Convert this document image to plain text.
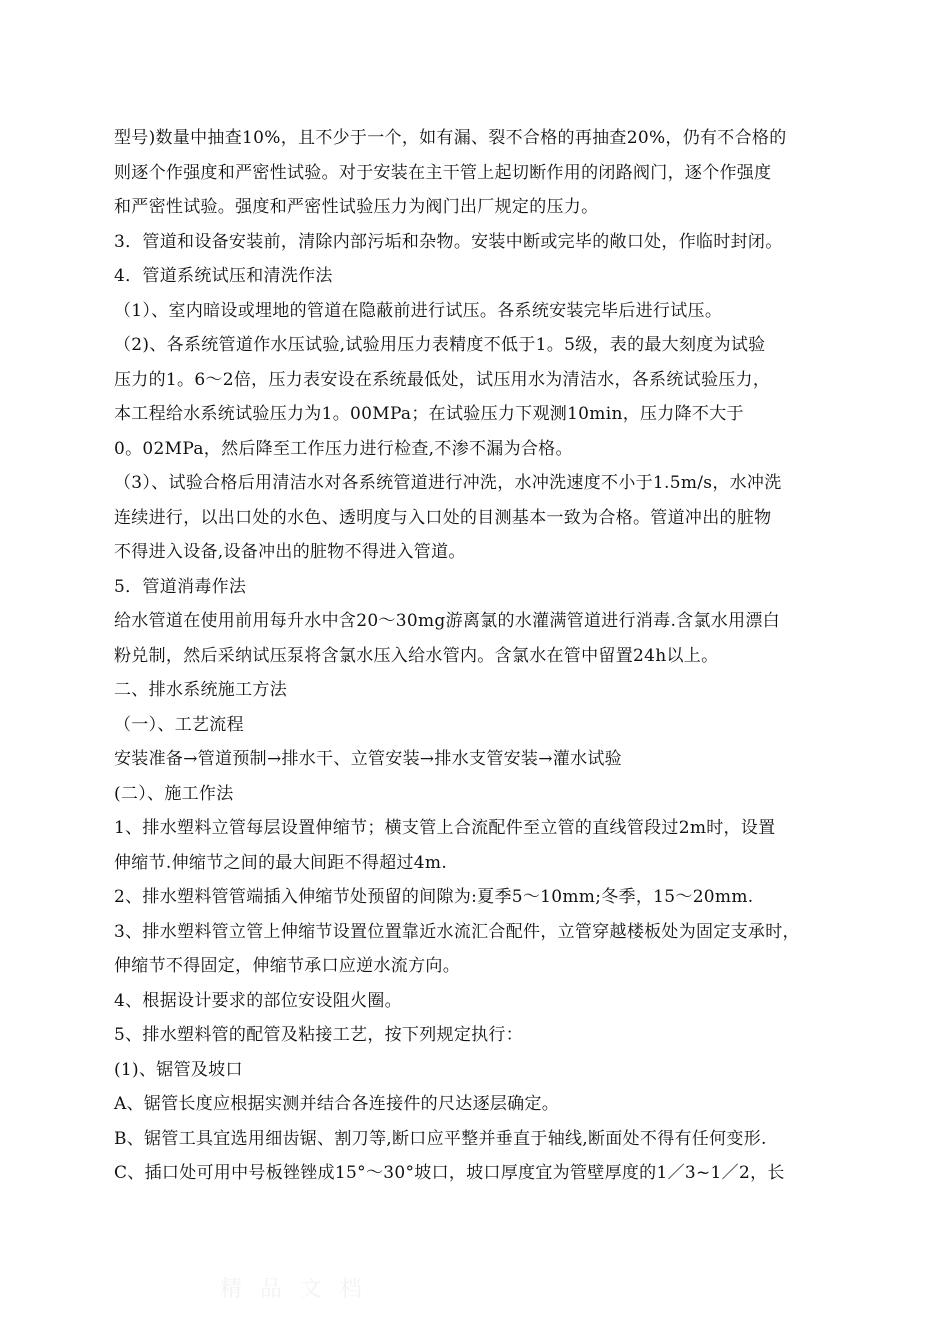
型号)数量中抽查10%，且不少于一个，如有漏、裂不合格的再抽查20%，仍有不合格的
则逐个作强度和严密性试验。对于安装在主干管上起切断作用的闭路阀门，逐个作强度
和严密性试验。强度和严密性试验压力为阀门出厂规定的压力。
3．管道和设备安装前，清除内部污垢和杂物。安装中断或完毕的敞口处，作临时封闭。
4．管道系统试压和清洗作法
（1）、室内暗设或埋地的管道在隐蔽前进行试压。各系统安装完毕后进行试压。
（2)、各系统管道作水压试验,试验用压力表精度不低于1。5级，表的最大刻度为试验
压力的1。6～2倍，压力表安设在系统最低处，试压用水为清洁水，各系统试验压力，
本工程给水系统试验压力为1。00MPa；在试验压力下观测10min，压力降不大于
0。02MPa，然后降至工作压力进行检查,不渗不漏为合格。
（3）、试验合格后用清洁水对各系统管道进行冲洗，水冲洗速度不小于1.5m/s，水冲洗
连续进行，以出口处的水色、透明度与入口处的目测基本一致为合格。管道冲出的脏物
不得进入设备,设备冲出的脏物不得进入管道。
5．管道消毒作法
给水管道在使用前用每升水中含20～30mg游离氯的水灌满管道进行消毒.含氯水用漂白
粉兑制，然后采纳试压泵将含氯水压入给水管内。含氯水在管中留置24h以上。
二、排水系统施工方法
（一）、工艺流程
安装准备→管道预制→排水干、立管安装→排水支管安装→灌水试验
(二）、施工作法
1、排水塑料立管每层设置伸缩节；横支管上合流配件至立管的直线管段过2m时，设置
伸缩节.伸缩节之间的最大间距不得超过4m.
2、排水塑料管管端插入伸缩节处预留的间隙为:夏季5～10mm;冬季，15～20mm.
3、排水塑料管立管上伸缩节设置位置靠近水流汇合配件，立管穿越楼板处为固定支承时，
伸缩节不得固定，伸缩节承口应逆水流方向。
4、根据设计要求的部位安设阻火圈。
5、排水塑料管的配管及粘接工艺，按下列规定执行：
(1)、锯管及坡口
A、锯管长度应根据实测并结合各连接件的尺达逐层确定。
B、锯管工具宜选用细齿锯、割刀等,断口应平整并垂直于轴线,断面处不得有任何变形.
C、插口处可用中号板锉锉成15°～30°坡口，坡口厚度宜为管壁厚度的1／3~1／2，长
精品文档
